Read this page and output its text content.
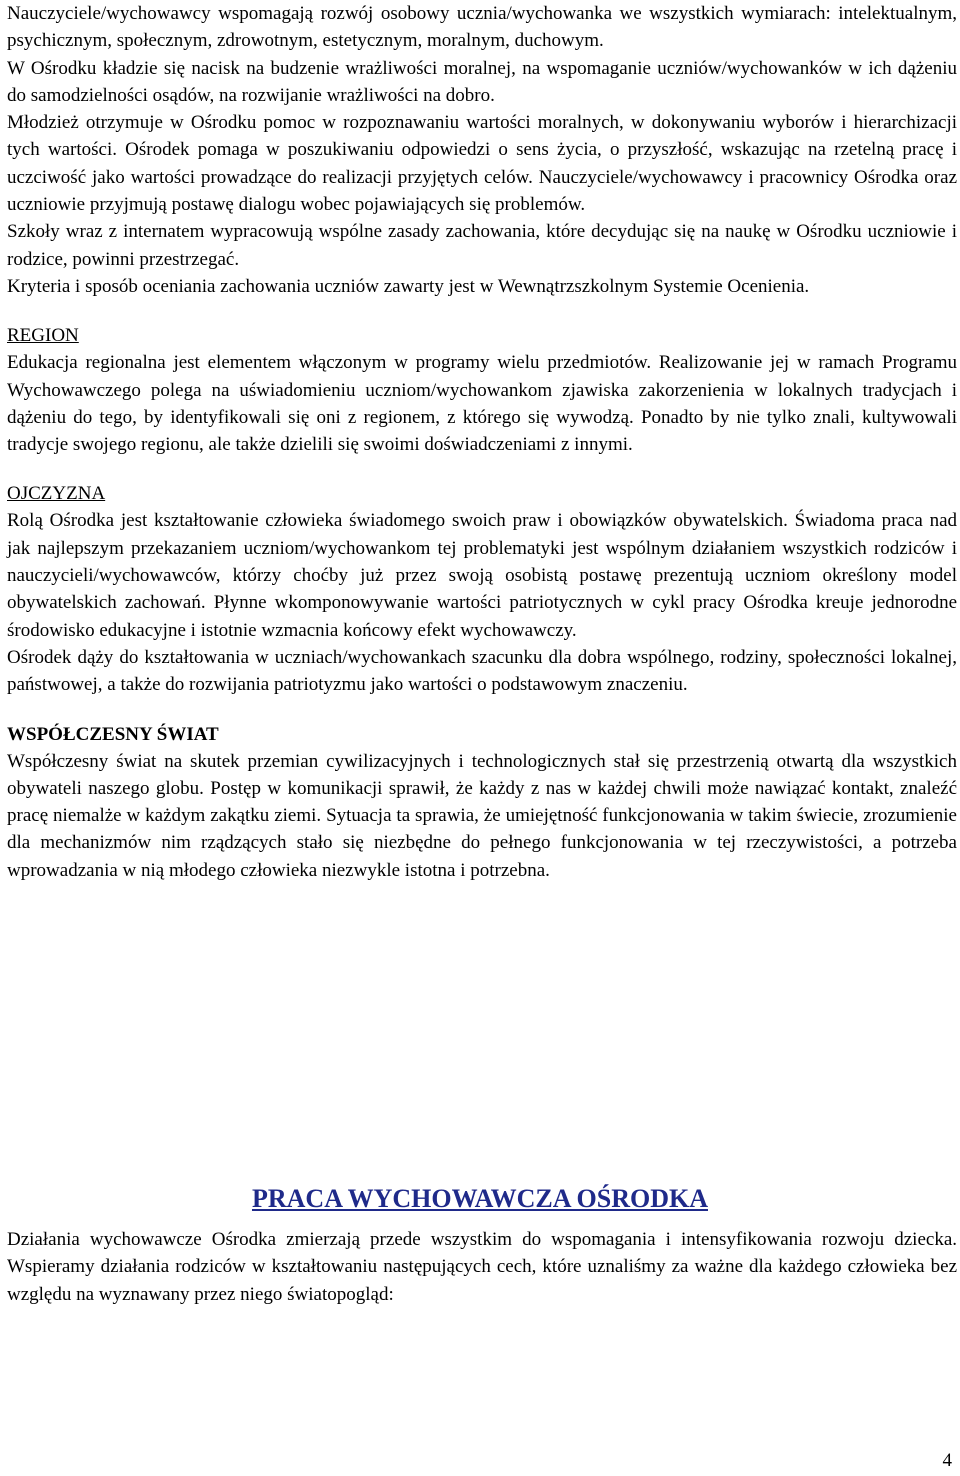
Nauczyciele/wychowawcy wspomagają rozwój osobowy ucznia/wychowanka we wszystkich wymiarach: intelektualnym, psychicznym, społecznym, zdrowotnym, estetycznym, moralnym, duchowym.

W Ośrodku kładzie się nacisk na budzenie wrażliwości moralnej, na wspomaganie uczniów/wychowanków w ich dążeniu do samodzielności osądów, na rozwijanie wrażliwości na dobro.

Młodzież otrzymuje w Ośrodku pomoc w rozpoznawaniu wartości moralnych, w dokonywaniu wyborów i hierarchizacji tych wartości. Ośrodek pomaga w poszukiwaniu odpowiedzi o sens życia, o przyszłość, wskazując na rzetelną pracę i uczciwość jako wartości prowadzące do realizacji przyjętych celów. Nauczyciele/wychowawcy i pracownicy Ośrodka oraz uczniowie przyjmują postawę dialogu wobec pojawiających się problemów.

Szkoły wraz z internatem wypracowują wspólne zasady zachowania, które decydując się na naukę w Ośrodku uczniowie i rodzice, powinni przestrzegać.

Kryteria i sposób oceniania zachowania uczniów zawarty jest w Wewnątrzszkolnym Systemie Ocenienia.

REGION

Edukacja regionalna jest elementem włączonym w programy wielu przedmiotów. Realizowanie jej w ramach Programu Wychowawczego polega na uświadomieniu uczniom/wychowankom zjawiska zakorzenienia w lokalnych tradycjach i dążeniu do tego, by identyfikowali się oni z regionem, z którego się wywodzą. Ponadto by nie tylko znali, kultywowali tradycje swojego regionu, ale także dzielili się swoimi doświadczeniami z innymi.

OJCZYZNA

Rolą Ośrodka jest kształtowanie człowieka świadomego swoich praw i obowiązków obywatelskich. Świadoma praca nad jak najlepszym przekazaniem uczniom/wychowankom tej problematyki jest wspólnym działaniem wszystkich rodziców i nauczycieli/wychowawców, którzy choćby już przez swoją osobistą postawę prezentują uczniom określony model obywatelskich zachowań. Płynne wkomponowywanie wartości patriotycznych w cykl pracy Ośrodka kreuje jednorodne środowisko edukacyjne i istotnie wzmacnia końcowy efekt wychowawczy.

Ośrodek dąży do kształtowania w uczniach/wychowankach szacunku dla dobra wspólnego, rodziny, społeczności lokalnej, państwowej, a także do rozwijania patriotyzmu jako wartości o podstawowym znaczeniu.

WSPÓŁCZESNY ŚWIAT

Współczesny świat na skutek przemian cywilizacyjnych i technologicznych stał się przestrzenią otwartą dla wszystkich obywateli naszego globu. Postęp w komunikacji sprawił, że każdy z nas w każdej chwili może nawiązać kontakt, znaleźć pracę niemalże w każdym zakątku ziemi. Sytuacja ta sprawia, że umiejętność funkcjonowania w takim świecie, zrozumienie dla mechanizmów nim rządzących stało się niezbędne do pełnego funkcjonowania w tej rzeczywistości, a potrzeba wprowadzania w nią młodego człowieka niezwykle istotna i potrzebna.

PRACA WYCHOWAWCZA OŚRODKA

Działania wychowawcze Ośrodka zmierzają przede wszystkim do wspomagania i intensyfikowania rozwoju dziecka. Wspieramy działania rodziców w kształtowaniu następujących cech, które uznaliśmy za ważne dla każdego człowieka bez względu na wyznawany przez niego światopogląd:

4
